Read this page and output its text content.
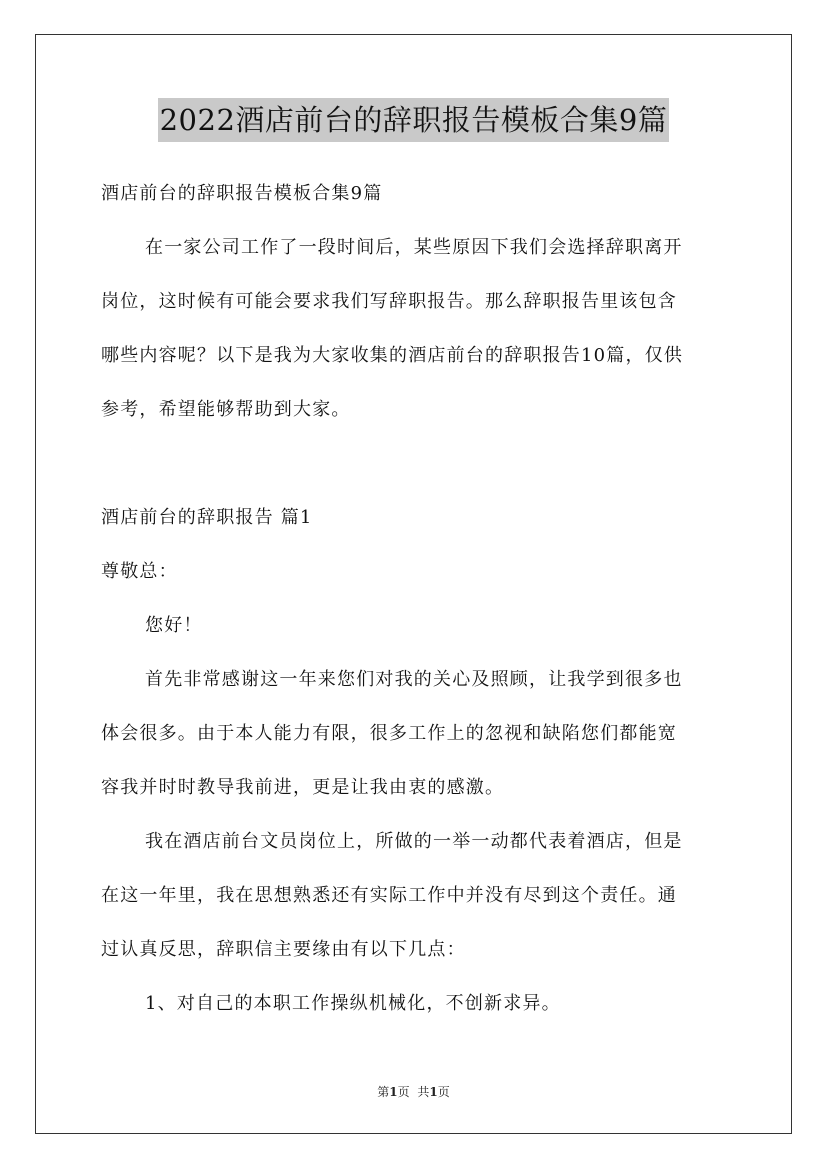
2022酒店前台的辞职报告模板合集9篇

酒店前台的辞职报告模板合集9篇

在一家公司工作了一段时间后，某些原因下我们会选择辞职离开

岗位，这时候有可能会要求我们写辞职报告。那么辞职报告里该包含

哪些内容呢？以下是我为大家收集的酒店前台的辞职报告10篇，仅供

参考，希望能够帮助到大家。

酒店前台的辞职报告 篇1

尊敬总：

您好！

首先非常感谢这一年来您们对我的关心及照顾，让我学到很多也

体会很多。由于本人能力有限，很多工作上的忽视和缺陷您们都能宽

容我并时时教导我前进，更是让我由衷的感激。

我在酒店前台文员岗位上，所做的一举一动都代表着酒店，但是

在这一年里，我在思想熟悉还有实际工作中并没有尽到这个责任。通

过认真反思，辞职信主要缘由有以下几点：

1、对自己的本职工作操纵机械化，不创新求异。

第1页 共1页
